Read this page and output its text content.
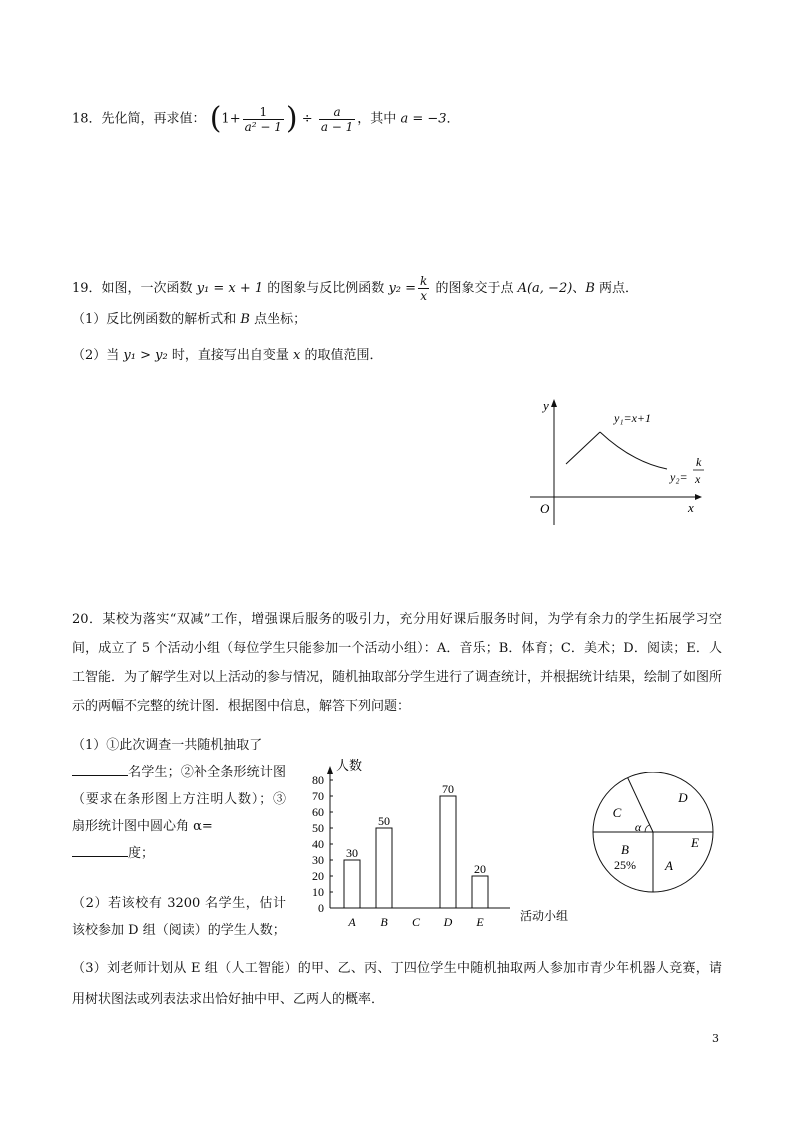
18．先化简，再求值： ($1+ \frac{1}{\text{a² − 1}}$ ) ÷ $\frac{a}{a - 1}$ ，其中 a = −3．
19．如图，一次函数 y₁ = x + 1 的图象与反比例函数 $y_2 = \frac{k}{x}$ 的图象交于点 A(a, −2)、B 两点．
（1）反比例函数的解析式和 B 点坐标；
（2）当 y₁ > y₂ 时，直接写出自变量 x 的取值范围．
y
x
O
y₁=x+1
y₂=
k
x
20．某校为落实“双减”工作，增强课后服务的吸引力，充分用好课后服务时间，为学有余力的学生拓展学习空间，成立了 5 个活动小组（每位学生只能参加一个活动小组）：A．音乐；B．体育；C．美术；D．阅读；E．人工智能．为了解学生对以上活动的参与情况，随机抽取部分学生进行了调查统计，并根据统计结果，绘制了如图所示的两幅不完整的统计图．根据图中信息，解答下列问题：
（1）①此次调查一共随机抽取了
名学生；②补全条形统计图（要求在条形图上方注明人数）；③扇形统计图中圆心角 α=
度；
（2）若该校有 3200 名学生，估计该校参加 D 组（阅读）的学生人数；
（3）刘老师计划从 E 组（人工智能）的甲、乙、丙、丁四位学生中随机抽取两人参加市青少年机器人竞赛，请用树状图法或列表法求出恰好抽中甲、乙两人的概率．
人数
活动小组
0
10
20
30
40
50
60
70
80
A
30
B
50
C D
70
E
20
D
E
A
B
25%
C
α
3
